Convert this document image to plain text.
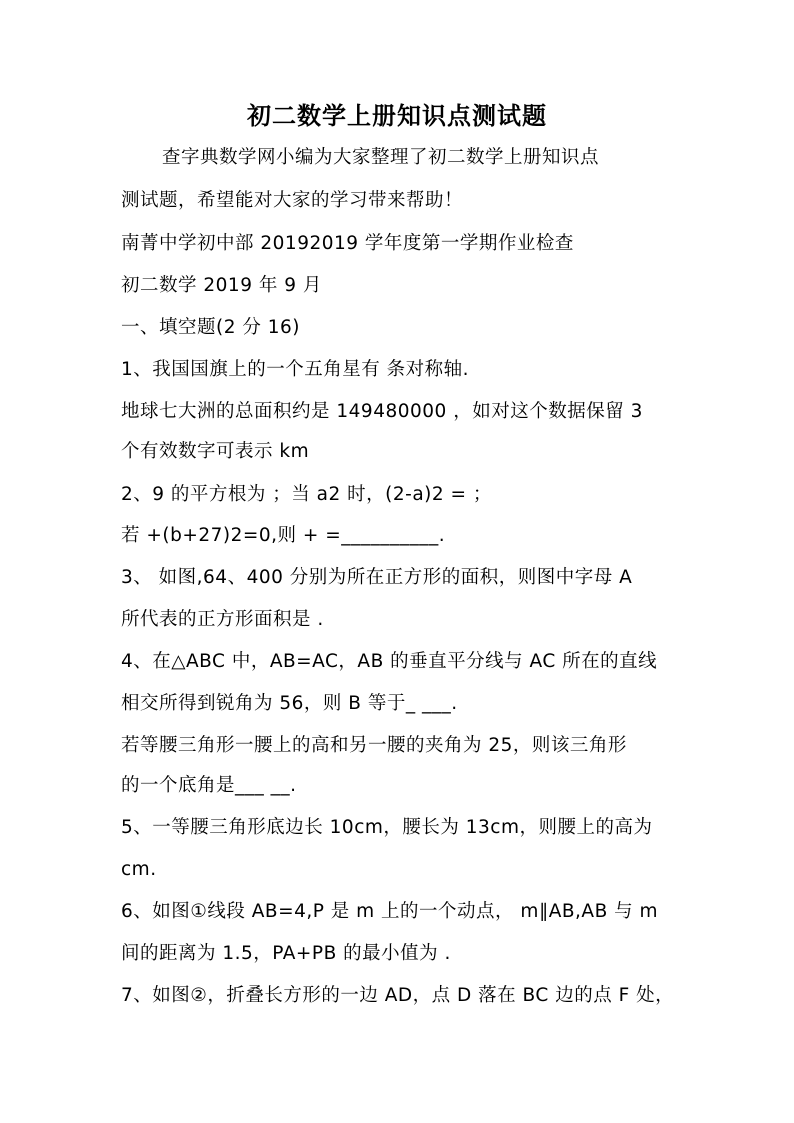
初二数学上册知识点测试题
查字典数学网小编为大家整理了初二数学上册知识点
测试题，希望能对大家的学习带来帮助！
南菁中学初中部 20192019 学年度第一学期作业检查
初二数学 2019 年 9 月
一、填空题(2 分 16)
1、我国国旗上的一个五角星有 条对称轴.
地球七大洲的总面积约是 149480000 ，如对这个数据保留 3
个有效数字可表示 km
2、9 的平方根为 ；当 a2 时，(2-a)2 = ；
若 +(b+27)2=0,则 + =__________.
3、 如图,64、400 分别为所在正方形的面积，则图中字母 A
所代表的正方形面积是 .
4、在△ABC 中，AB=AC，AB 的垂直平分线与 AC 所在的直线
相交所得到锐角为 56，则 B 等于_ ___.
若等腰三角形一腰上的高和另一腰的夹角为 25，则该三角形
的一个底角是___ __.
5、一等腰三角形底边长 10cm，腰长为 13cm，则腰上的高为
cm.
6、如图①线段 AB=4,P 是 m 上的一个动点， m∥AB,AB 与 m
间的距离为 1.5，PA+PB 的最小值为 .
7、如图②，折叠长方形的一边 AD，点 D 落在 BC 边的点 F 处，
